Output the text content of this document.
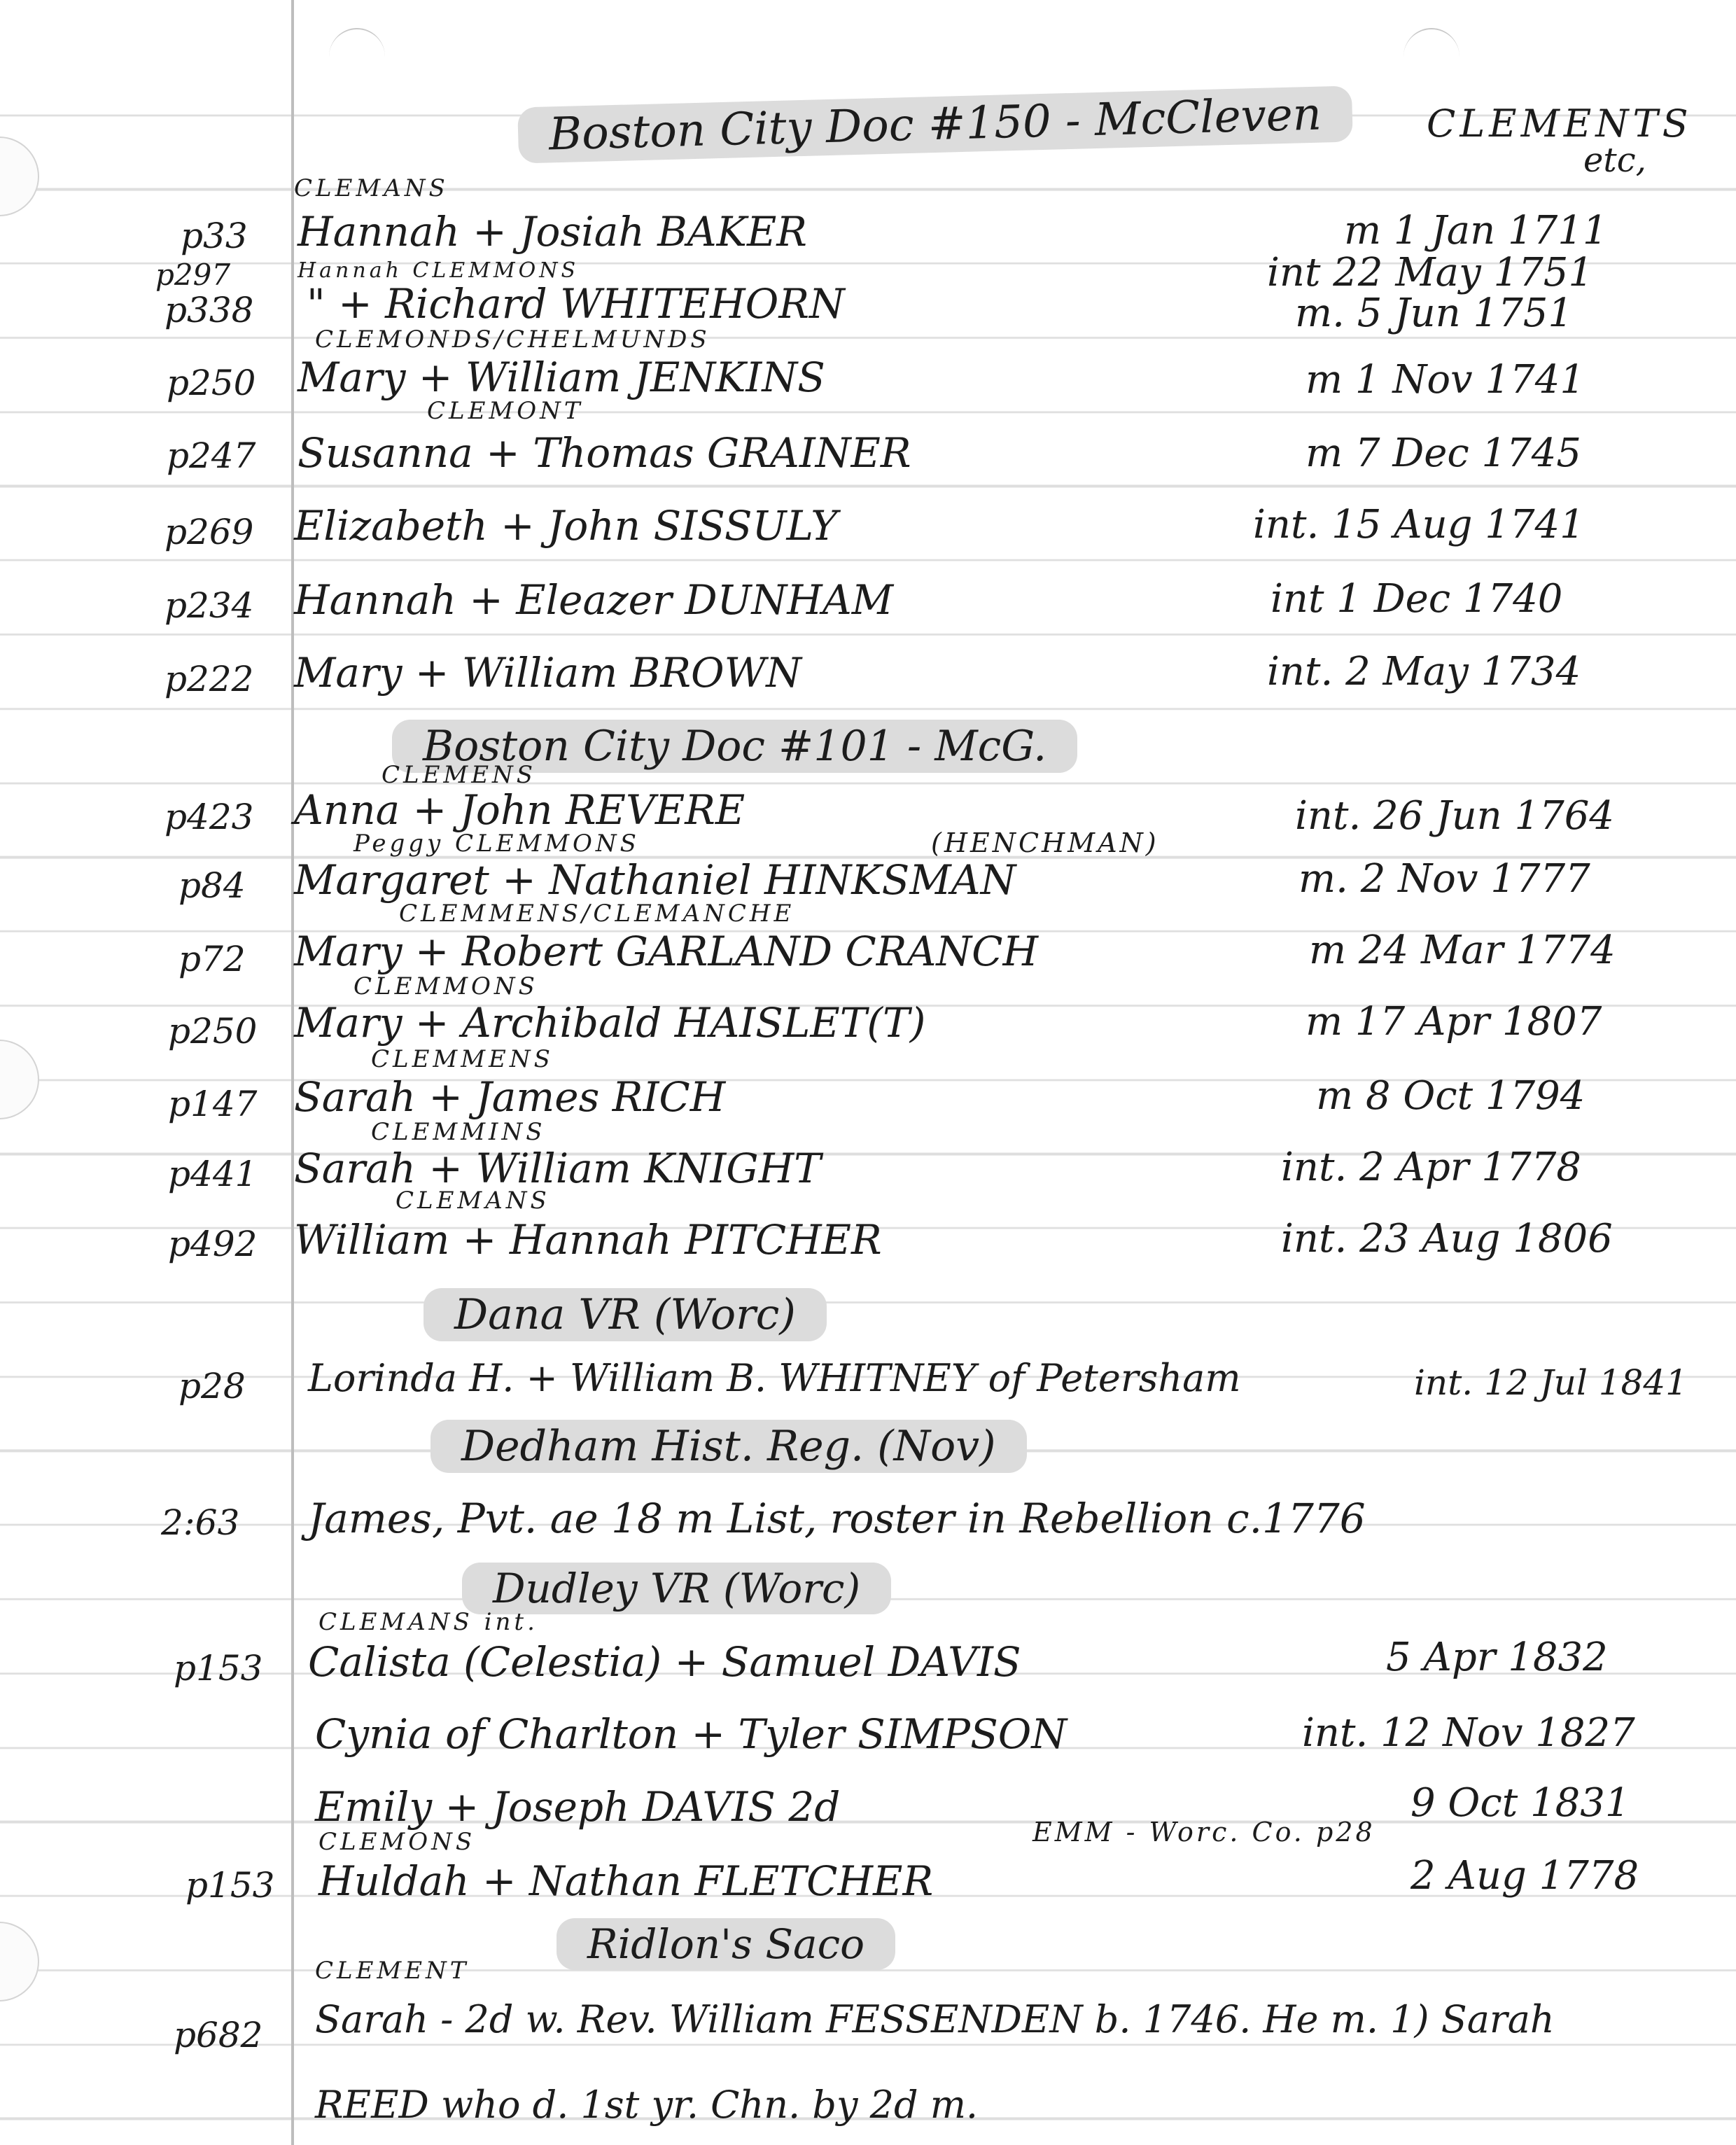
Boston City Doc #150 - McCleven	CLEMENTS
etc,
CLEMANS
p33 Hannah + Josiah BAKER	m 1 Jan 1711
p297	Hannah CLEMMONS	int 22 May 1751
p338 " + Richard WHITEHORN	m. 5 Jun 1751
CLEMONDS/CHELMUNDS
p250 Mary + William JENKINS	m 1 Nov 1741
CLEMONT
p247 Susanna + Thomas GRAINER	m 7 Dec 1745
p269 Elizabeth + John SISSULY	int. 15 Aug 1741
p234 Hannah + Eleazer DUNHAM	int 1 Dec 1740
p222 Mary + William BROWN	int. 2 May 1734
Boston City Doc #101 - McG.
CLEMENS
p423 Anna + John REVERE	int. 26 Jun 1764
Peggy CLEMMONS	(HENCHMAN)
p84 Margaret + Nathaniel HINKSMAN	m. 2 Nov 1777
CLEMMENS/CLEMANCHE
p72 Mary + Robert GARLAND CRANCH	m 24 Mar 1774
CLEMMONS
p250 Mary + Archibald HAISLET(T)	m 17 Apr 1807
CLEMMENS
p147 Sarah + James RICH	m 8 Oct 1794
CLEMMINS
p441 Sarah + William KNIGHT	int. 2 Apr 1778
CLEMANS
p492 William + Hannah PITCHER	int. 23 Aug 1806
Dana VR (Worc)
p28 Lorinda H. + William B. WHITNEY of Petersham	int. 12 Jul 1841
Dedham Hist. Reg. (Nov)
2:63 James, Pvt. ae 18 m List, roster in Rebellion c.1776
Dudley VR (Worc)
CLEMANS int.
p153 Calista (Celestia) + Samuel DAVIS	5 Apr 1832
Cynia of Charlton + Tyler SIMPSON	int. 12 Nov 1827
Emily + Joseph DAVIS 2d	9 Oct 1831
CLEMONS	EMM - Worc. Co. p28
p153 Huldah + Nathan FLETCHER	2 Aug 1778
Ridlon's Saco
CLEMENT
p682 Sarah - 2d w. Rev. William FESSENDEN b. 1746. He m. 1) Sarah
REED who d. 1st yr. Chn. by 2d m.
